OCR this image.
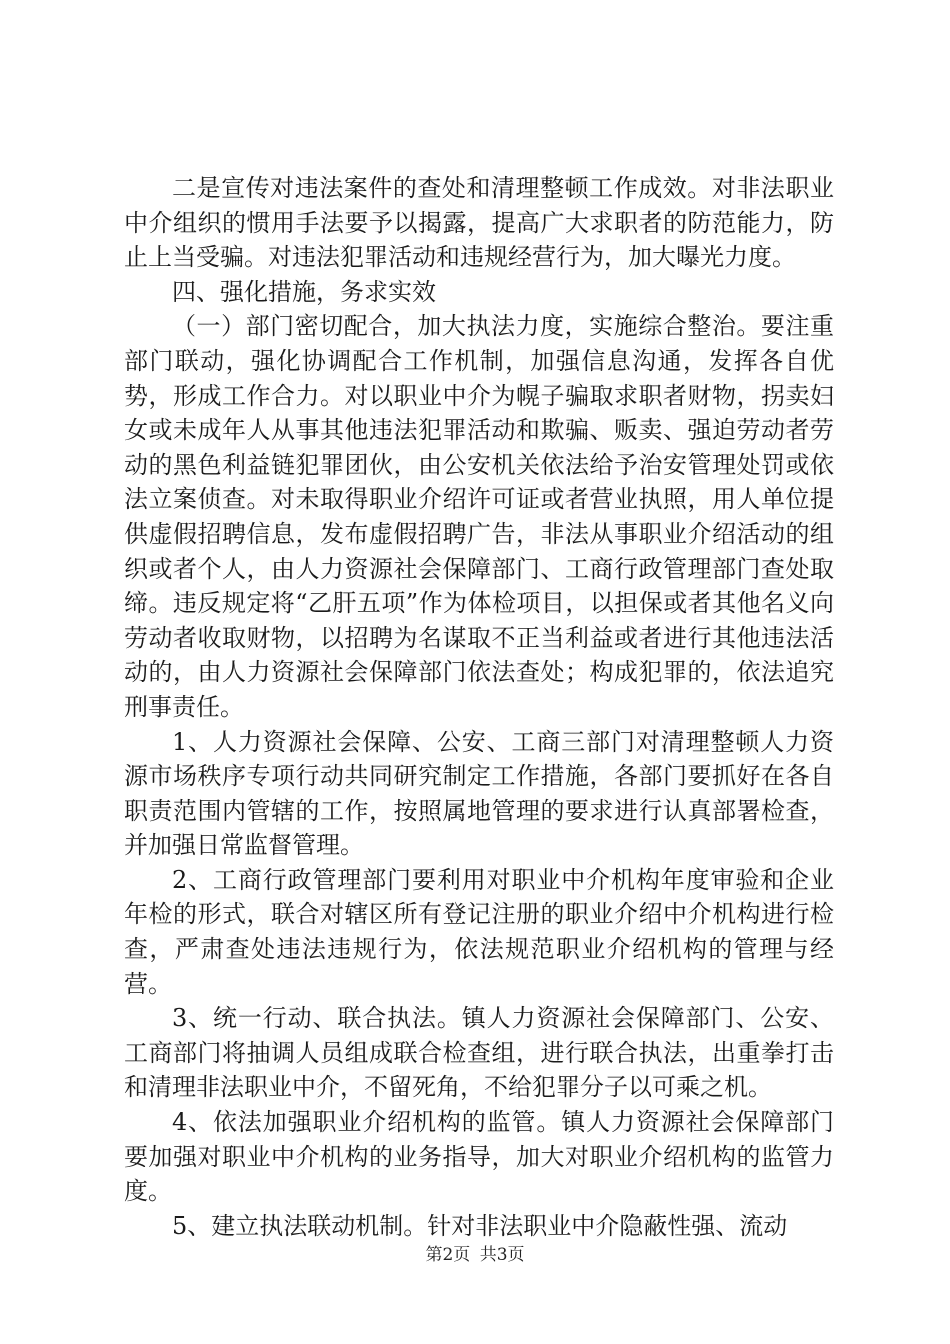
二是宣传对违法案件的查处和清理整顿工作成效。对非法职业中介组织的惯用手法要予以揭露，提高广大求职者的防范能力，防止上当受骗。对违法犯罪活动和违规经营行为，加大曝光力度。

四、强化措施，务求实效

（一）部门密切配合，加大执法力度，实施综合整治。要注重部门联动，强化协调配合工作机制，加强信息沟通，发挥各自优势，形成工作合力。对以职业中介为幌子骗取求职者财物，拐卖妇女或未成年人从事其他违法犯罪活动和欺骗、贩卖、强迫劳动者劳动的黑色利益链犯罪团伙，由公安机关依法给予治安管理处罚或依法立案侦查。对未取得职业介绍许可证或者营业执照，用人单位提供虚假招聘信息，发布虚假招聘广告，非法从事职业介绍活动的组织或者个人，由人力资源社会保障部门、工商行政管理部门查处取缔。违反规定将“乙肝五项”作为体检项目，以担保或者其他名义向劳动者收取财物，以招聘为名谋取不正当利益或者进行其他违法活动的，由人力资源社会保障部门依法查处；构成犯罪的，依法追究刑事责任。

1、人力资源社会保障、公安、工商三部门对清理整顿人力资源市场秩序专项行动共同研究制定工作措施，各部门要抓好在各自职责范围内管辖的工作，按照属地管理的要求进行认真部署检查，并加强日常监督管理。

2、工商行政管理部门要利用对职业中介机构年度审验和企业年检的形式，联合对辖区所有登记注册的职业介绍中介机构进行检查，严肃查处违法违规行为，依法规范职业介绍机构的管理与经营。

3、统一行动、联合执法。镇人力资源社会保障部门、公安、工商部门将抽调人员组成联合检查组，进行联合执法，出重拳打击和清理非法职业中介，不留死角，不给犯罪分子以可乘之机。

4、依法加强职业介绍机构的监管。镇人力资源社会保障部门要加强对职业中介机构的业务指导，加大对职业介绍机构的监管力度。

5、建立执法联动机制。针对非法职业中介隐蔽性强、流动

第2页 共3页
